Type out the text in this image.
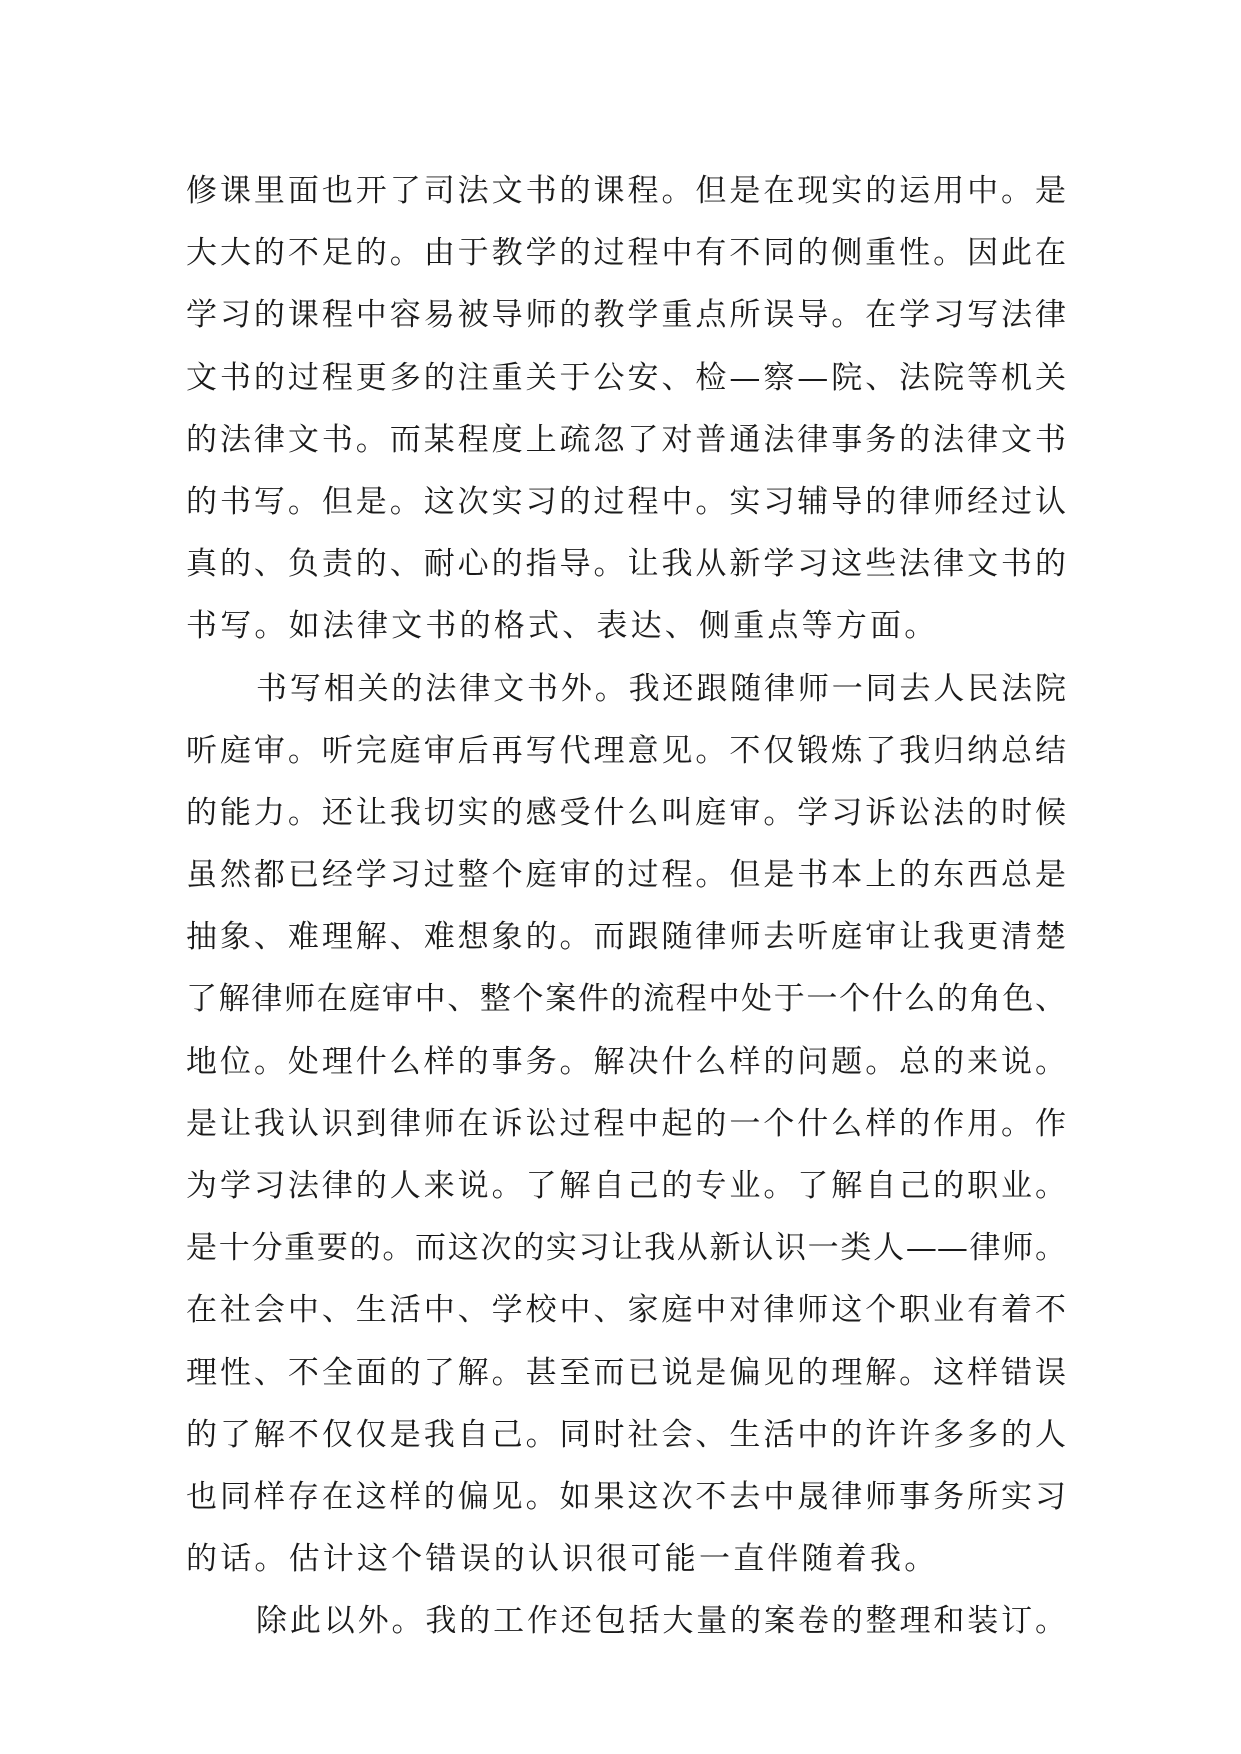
修课里面也开了司法文书的课程。但是在现实的运用中。是
大大的不足的。由于教学的过程中有不同的侧重性。因此在
学习的课程中容易被导师的教学重点所误导。在学习写法律
文书的过程更多的注重关于公安、检—察—院、法院等机关
的法律文书。而某程度上疏忽了对普通法律事务的法律文书
的书写。但是。这次实习的过程中。实习辅导的律师经过认
真的、负责的、耐心的指导。让我从新学习这些法律文书的
书写。如法律文书的格式、表达、侧重点等方面。
书写相关的法律文书外。我还跟随律师一同去人民法院
听庭审。听完庭审后再写代理意见。不仅锻炼了我归纳总结
的能力。还让我切实的感受什么叫庭审。学习诉讼法的时候
虽然都已经学习过整个庭审的过程。但是书本上的东西总是
抽象、难理解、难想象的。而跟随律师去听庭审让我更清楚
了解律师在庭审中、整个案件的流程中处于一个什么的角色、
地位。处理什么样的事务。解决什么样的问题。总的来说。
是让我认识到律师在诉讼过程中起的一个什么样的作用。作
为学习法律的人来说。了解自己的专业。了解自己的职业。
是十分重要的。而这次的实习让我从新认识一类人——律师。
在社会中、生活中、学校中、家庭中对律师这个职业有着不
理性、不全面的了解。甚至而已说是偏见的理解。这样错误
的了解不仅仅是我自己。同时社会、生活中的许许多多的人
也同样存在这样的偏见。如果这次不去中晟律师事务所实习
的话。估计这个错误的认识很可能一直伴随着我。
除此以外。我的工作还包括大量的案卷的整理和装订。
